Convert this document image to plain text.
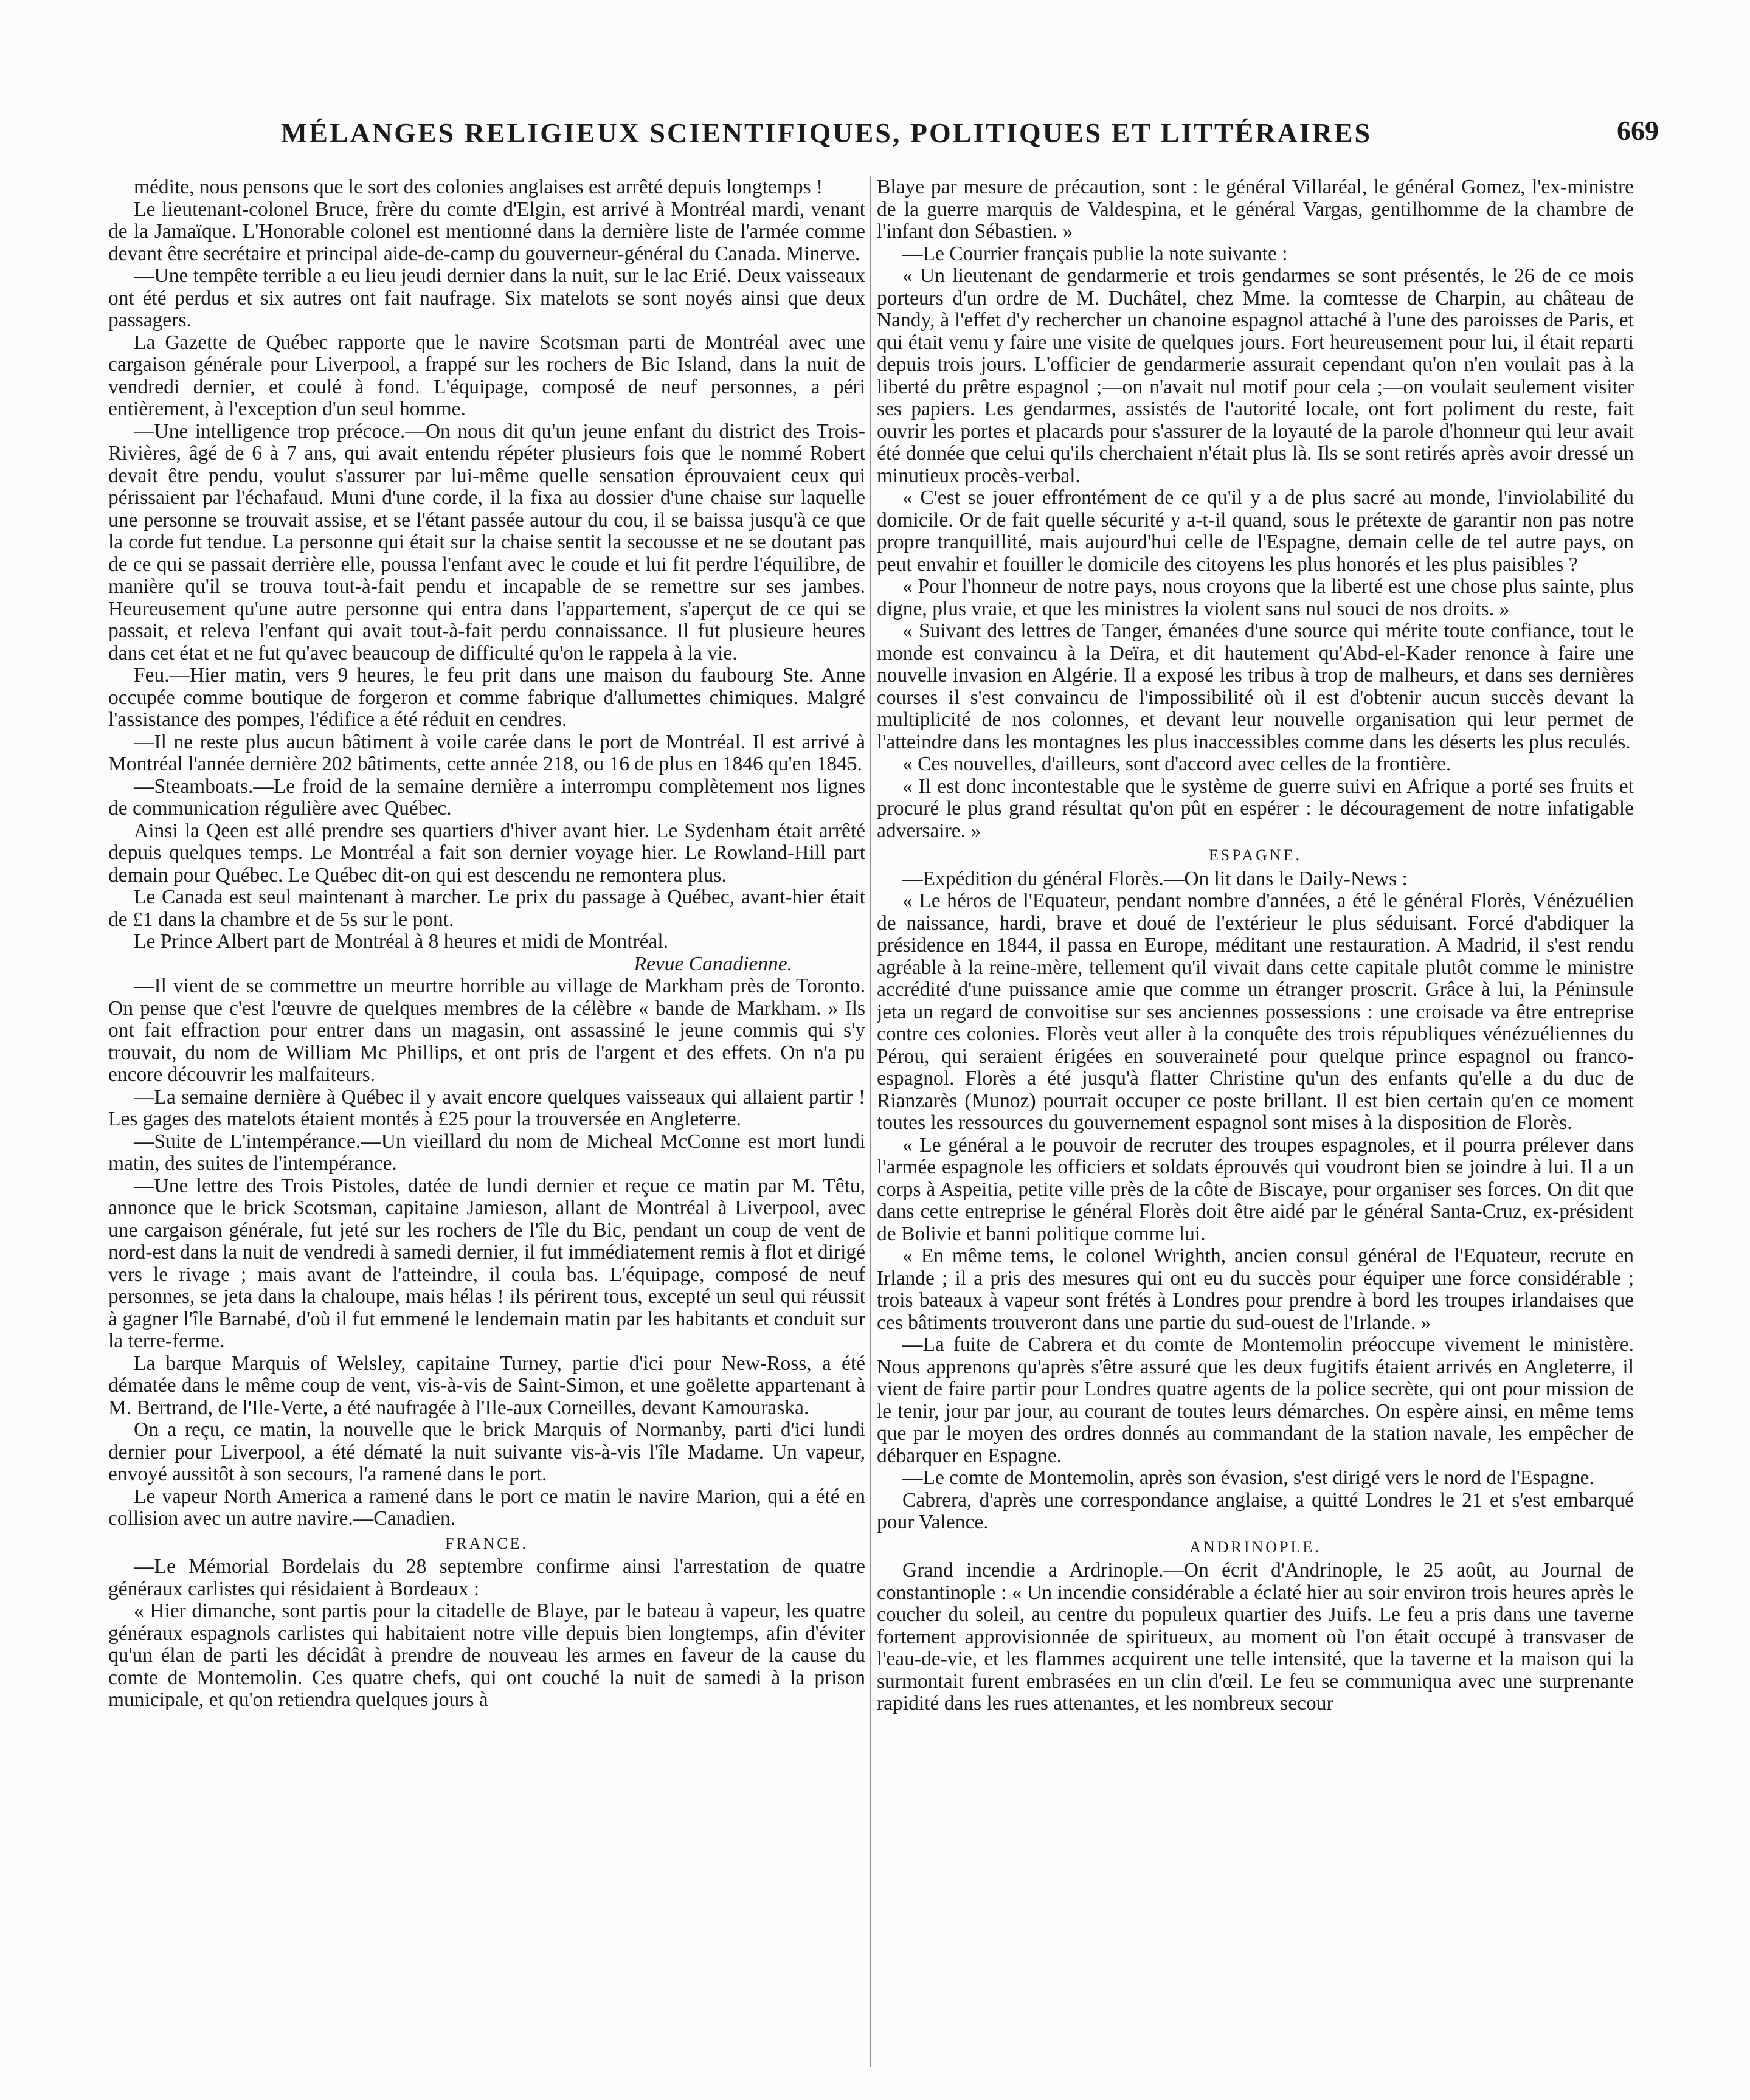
MÉLANGES RELIGIEUX SCIENTIFIQUES, POLITIQUES ET LITTÉRAIRES	669

médite, nous pensons que le sort des colonies anglaises est arrêté depuis longtemps !

Le lieutenant-colonel Bruce, frère du comte d'Elgin, est arrivé à Montréal mardi, venant de la Jamaïque. L'Honorable colonel est mentionné dans la dernière liste de l'armée comme devant être secrétaire et principal aide-de-camp du gouverneur-général du Canada. Minerve.

—Une tempête terrible a eu lieu jeudi dernier dans la nuit, sur le lac Erié. Deux vaisseaux ont été perdus et six autres ont fait naufrage. Six matelots se sont noyés ainsi que deux passagers.

La Gazette de Québec rapporte que le navire Scotsman parti de Montréal avec une cargaison générale pour Liverpool, a frappé sur les rochers de Bic Island, dans la nuit de vendredi dernier, et coulé à fond. L'équipage, composé de neuf personnes, a péri entièrement, à l'exception d'un seul homme.

—Une intelligence trop précoce.—On nous dit qu'un jeune enfant du district des Trois-Rivières, âgé de 6 à 7 ans, qui avait entendu répéter plusieurs fois que le nommé Robert devait être pendu, voulut s'assurer par lui-même quelle sensation éprouvaient ceux qui périssaient par l'échafaud. Muni d'une corde, il la fixa au dossier d'une chaise sur laquelle une personne se trouvait assise, et se l'étant passée autour du cou, il se baissa jusqu'à ce que la corde fut tendue. La personne qui était sur la chaise sentit la secousse et ne se doutant pas de ce qui se passait derrière elle, poussa l'enfant avec le coude et lui fit perdre l'équilibre, de manière qu'il se trouva tout-à-fait pendu et incapable de se remettre sur ses jambes. Heureusement qu'une autre personne qui entra dans l'appartement, s'aperçut de ce qui se passait, et releva l'enfant qui avait tout-à-fait perdu connaissance. Il fut plusieure heures dans cet état et ne fut qu'avec beaucoup de difficulté qu'on le rappela à la vie.

Feu.—Hier matin, vers 9 heures, le feu prit dans une maison du faubourg Ste. Anne occupée comme boutique de forgeron et comme fabrique d'allumettes chimiques. Malgré l'assistance des pompes, l'édifice a été réduit en cendres.

—Il ne reste plus aucun bâtiment à voile carée dans le port de Montréal. Il est arrivé à Montréal l'année dernière 202 bâtiments, cette année 218, ou 16 de plus en 1846 qu'en 1845.

—Steamboats.—Le froid de la semaine dernière a interrompu complètement nos lignes de communication régulière avec Québec.

Ainsi la Qeen est allé prendre ses quartiers d'hiver avant hier. Le Sydenham était arrêté depuis quelques temps. Le Montréal a fait son dernier voyage hier. Le Rowland-Hill part demain pour Québec. Le Québec dit-on qui est descendu ne remontera plus.

Le Canada est seul maintenant à marcher. Le prix du passage à Québec, avant-hier était de £1 dans la chambre et de 5s sur le pont.

Le Prince Albert part de Montréal à 8 heures et midi de Montréal.

Revue Canadienne.

—Il vient de se commettre un meurtre horrible au village de Markham près de Toronto. On pense que c'est l'œuvre de quelques membres de la célèbre « bande de Markham. » Ils ont fait effraction pour entrer dans un magasin, ont assassiné le jeune commis qui s'y trouvait, du nom de William Mc Phillips, et ont pris de l'argent et des effets. On n'a pu encore découvrir les malfaiteurs.

—La semaine dernière à Québec il y avait encore quelques vaisseaux qui allaient partir ! Les gages des matelots étaient montés à £25 pour la trouversée en Angleterre.

—Suite de L'intempérance.—Un vieillard du nom de Micheal McConne est mort lundi matin, des suites de l'intempérance.

—Une lettre des Trois Pistoles, datée de lundi dernier et reçue ce matin par M. Têtu, annonce que le brick Scotsman, capitaine Jamieson, allant de Montréal à Liverpool, avec une cargaison générale, fut jeté sur les rochers de l'île du Bic, pendant un coup de vent de nord-est dans la nuit de vendredi à samedi dernier, il fut immédiatement remis à flot et dirigé vers le rivage ; mais avant de l'atteindre, il coula bas. L'équipage, composé de neuf personnes, se jeta dans la chaloupe, mais hélas ! ils périrent tous, excepté un seul qui réussit à gagner l'île Barnabé, d'où il fut emmené le lendemain matin par les habitants et conduit sur la terre-ferme.

La barque Marquis of Welsley, capitaine Turney, partie d'ici pour New-Ross, a été dématée dans le même coup de vent, vis-à-vis de Saint-Simon, et une goëlette appartenant à M. Bertrand, de l'Ile-Verte, a été naufragée à l'Ile-aux Corneilles, devant Kamouraska.

On a reçu, ce matin, la nouvelle que le brick Marquis of Normanby, parti d'ici lundi dernier pour Liverpool, a été dématé la nuit suivante vis-à-vis l'île Madame. Un vapeur, envoyé aussitôt à son secours, l'a ramené dans le port.

Le vapeur North America a ramené dans le port ce matin le navire Marion, qui a été en collision avec un autre navire.—Canadien.

FRANCE.

—Le Mémorial Bordelais du 28 septembre confirme ainsi l'arrestation de quatre généraux carlistes qui résidaient à Bordeaux :

« Hier dimanche, sont partis pour la citadelle de Blaye, par le bateau à vapeur, les quatre généraux espagnols carlistes qui habitaient notre ville depuis bien longtemps, afin d'éviter qu'un élan de parti les décidât à prendre de nouveau les armes en faveur de la cause du comte de Montemolin. Ces quatre chefs, qui ont couché la nuit de samedi à la prison municipale, et qu'on retiendra quelques jours à

Blaye par mesure de précaution, sont : le général Villaréal, le général Gomez, l'ex-ministre de la guerre marquis de Valdespina, et le général Vargas, gentilhomme de la chambre de l'infant don Sébastien. »

—Le Courrier français publie la note suivante :

« Un lieutenant de gendarmerie et trois gendarmes se sont présentés, le 26 de ce mois porteurs d'un ordre de M. Duchâtel, chez Mme. la comtesse de Charpin, au château de Nandy, à l'effet d'y rechercher un chanoine espagnol attaché à l'une des paroisses de Paris, et qui était venu y faire une visite de quelques jours. Fort heureusement pour lui, il était reparti depuis trois jours. L'officier de gendarmerie assurait cependant qu'on n'en voulait pas à la liberté du prêtre espagnol ;—on n'avait nul motif pour cela ;—on voulait seulement visiter ses papiers. Les gendarmes, assistés de l'autorité locale, ont fort poliment du reste, fait ouvrir les portes et placards pour s'assurer de la loyauté de la parole d'honneur qui leur avait été donnée que celui qu'ils cherchaient n'était plus là. Ils se sont retirés après avoir dressé un minutieux procès-verbal.

« C'est se jouer effrontément de ce qu'il y a de plus sacré au monde, l'inviolabilité du domicile. Or de fait quelle sécurité y a-t-il quand, sous le prétexte de garantir non pas notre propre tranquillité, mais aujourd'hui celle de l'Espagne, demain celle de tel autre pays, on peut envahir et fouiller le domicile des citoyens les plus honorés et les plus paisibles ?

« Pour l'honneur de notre pays, nous croyons que la liberté est une chose plus sainte, plus digne, plus vraie, et que les ministres la violent sans nul souci de nos droits. »

« Suivant des lettres de Tanger, émanées d'une source qui mérite toute confiance, tout le monde est convaincu à la Deïra, et dit hautement qu'Abd-el-Kader renonce à faire une nouvelle invasion en Algérie. Il a exposé les tribus à trop de malheurs, et dans ses dernières courses il s'est convaincu de l'impossibilité où il est d'obtenir aucun succès devant la multiplicité de nos colonnes, et devant leur nouvelle organisation qui leur permet de l'atteindre dans les montagnes les plus inaccessibles comme dans les déserts les plus reculés.

« Ces nouvelles, d'ailleurs, sont d'accord avec celles de la frontière.

« Il est donc incontestable que le système de guerre suivi en Afrique a porté ses fruits et procuré le plus grand résultat qu'on pût en espérer : le découragement de notre infatigable adversaire. »

ESPAGNE.

—Expédition du général Florès.—On lit dans le Daily-News :

« Le héros de l'Equateur, pendant nombre d'années, a été le général Florès, Vénézuélien de naissance, hardi, brave et doué de l'extérieur le plus séduisant. Forcé d'abdiquer la présidence en 1844, il passa en Europe, méditant une restauration. A Madrid, il s'est rendu agréable à la reine-mère, tellement qu'il vivait dans cette capitale plutôt comme le ministre accrédité d'une puissance amie que comme un étranger proscrit. Grâce à lui, la Péninsule jeta un regard de convoitise sur ses anciennes possessions : une croisade va être entreprise contre ces colonies. Florès veut aller à la conquête des trois républiques vénézuéliennes du Pérou, qui seraient érigées en souveraineté pour quelque prince espagnol ou franco-espagnol. Florès a été jusqu'à flatter Christine qu'un des enfants qu'elle a du duc de Rianzarès (Munoz) pourrait occuper ce poste brillant. Il est bien certain qu'en ce moment toutes les ressources du gouvernement espagnol sont mises à la disposition de Florès.

« Le général a le pouvoir de recruter des troupes espagnoles, et il pourra prélever dans l'armée espagnole les officiers et soldats éprouvés qui voudront bien se joindre à lui. Il a un corps à Aspeitia, petite ville près de la côte de Biscaye, pour organiser ses forces. On dit que dans cette entreprise le général Florès doit être aidé par le général Santa-Cruz, ex-président de Bolivie et banni politique comme lui.

« En même tems, le colonel Wrighth, ancien consul général de l'Equateur, recrute en Irlande ; il a pris des mesures qui ont eu du succès pour équiper une force considérable ; trois bateaux à vapeur sont frétés à Londres pour prendre à bord les troupes irlandaises que ces bâtiments trouveront dans une partie du sud-ouest de l'Irlande. »

—La fuite de Cabrera et du comte de Montemolin préoccupe vivement le ministère. Nous apprenons qu'après s'être assuré que les deux fugitifs étaient arrivés en Angleterre, il vient de faire partir pour Londres quatre agents de la police secrète, qui ont pour mission de le tenir, jour par jour, au courant de toutes leurs démarches. On espère ainsi, en même tems que par le moyen des ordres donnés au commandant de la station navale, les empêcher de débarquer en Espagne.

—Le comte de Montemolin, après son évasion, s'est dirigé vers le nord de l'Espagne.

Cabrera, d'après une correspondance anglaise, a quitté Londres le 21 et s'est embarqué pour Valence.

ANDRINOPLE.

Grand incendie a Ardrinople.—On écrit d'Andrinople, le 25 août, au Journal de constantinople : « Un incendie considérable a éclaté hier au soir environ trois heures après le coucher du soleil, au centre du populeux quartier des Juifs. Le feu a pris dans une taverne fortement approvisionnée de spiritueux, au moment où l'on était occupé à transvaser de l'eau-de-vie, et les flammes acquirent une telle intensité, que la taverne et la maison qui la surmontait furent embrasées en un clin d'œil. Le feu se communiqua avec une surprenante rapidité dans les rues attenantes, et les nombreux secour
